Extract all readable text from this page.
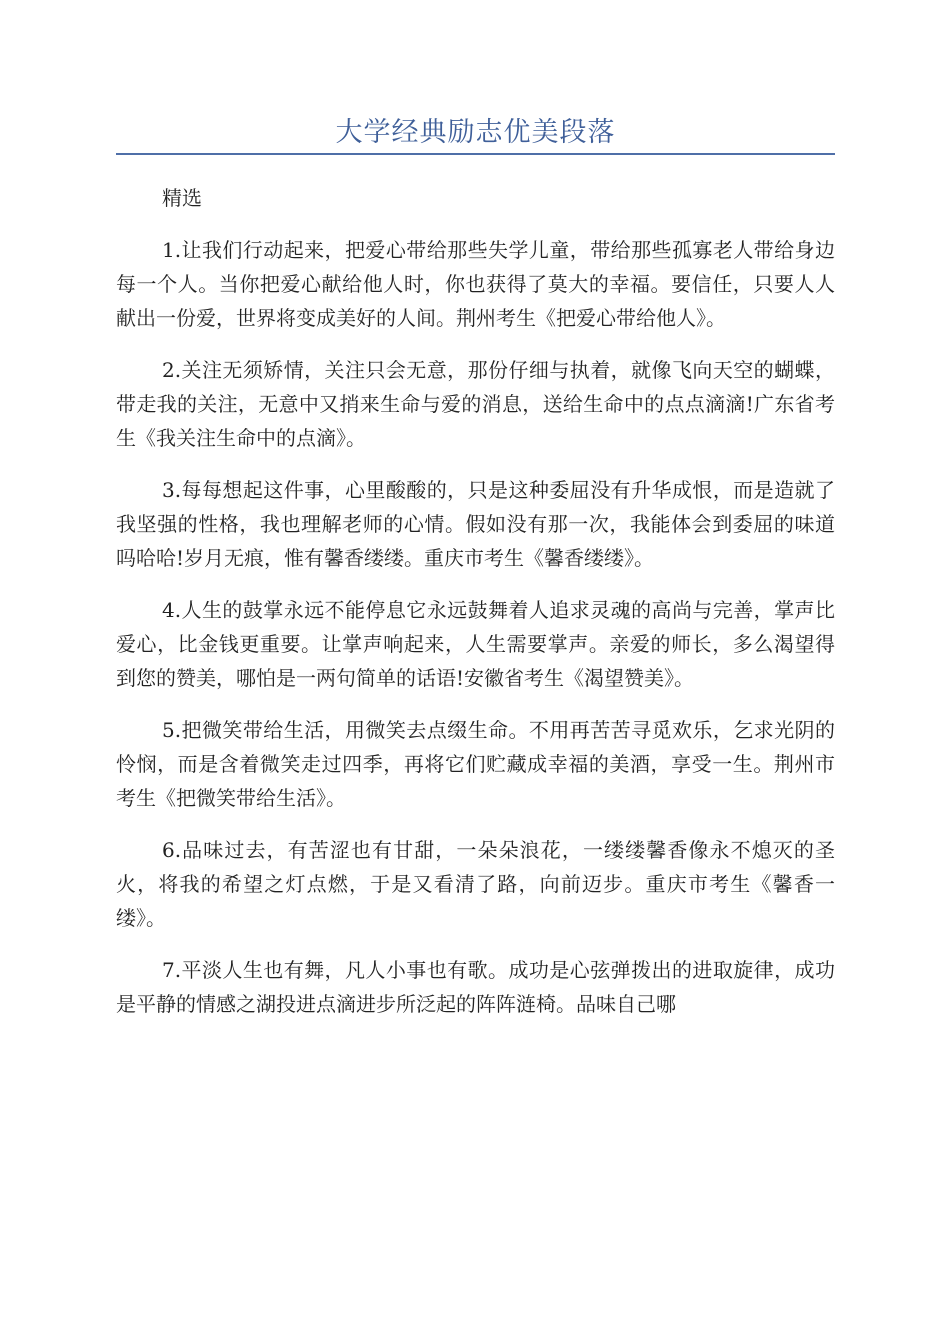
大学经典励志优美段落
精选

1.让我们行动起来，把爱心带给那些失学儿童，带给那些孤寡老人带给身边每一个人。当你把爱心献给他人时，你也获得了莫大的幸福。要信任，只要人人献出一份爱，世界将变成美好的人间。荆州考生《把爱心带给他人》。

2.关注无须矫情，关注只会无意，那份仔细与执着，就像飞向天空的蝴蝶，带走我的关注，无意中又捎来生命与爱的消息，送给生命中的点点滴滴!广东省考生《我关注生命中的点滴》。

3.每每想起这件事，心里酸酸的，只是这种委屈没有升华成恨，而是造就了我坚强的性格，我也理解老师的心情。假如没有那一次，我能体会到委屈的味道吗哈哈!岁月无痕，惟有馨香缕缕。重庆市考生《馨香缕缕》。

4.人生的鼓掌永远不能停息它永远鼓舞着人追求灵魂的高尚与完善，掌声比爱心，比金钱更重要。让掌声响起来，人生需要掌声。亲爱的师长，多么渴望得到您的赞美，哪怕是一两句简单的话语!安徽省考生《渴望赞美》。

5.把微笑带给生活，用微笑去点缀生命。不用再苦苦寻觅欢乐，乞求光阴的怜悯，而是含着微笑走过四季，再将它们贮藏成幸福的美酒，享受一生。荆州市考生《把微笑带给生活》。

6.品味过去，有苦涩也有甘甜，一朵朵浪花，一缕缕馨香像永不熄灭的圣火，将我的希望之灯点燃，于是又看清了路，向前迈步。重庆市考生《馨香一缕》。

7.平淡人生也有舞，凡人小事也有歌。成功是心弦弹拨出的进取旋律，成功是平静的情感之湖投进点滴进步所泛起的阵阵涟椅。品味自己哪
